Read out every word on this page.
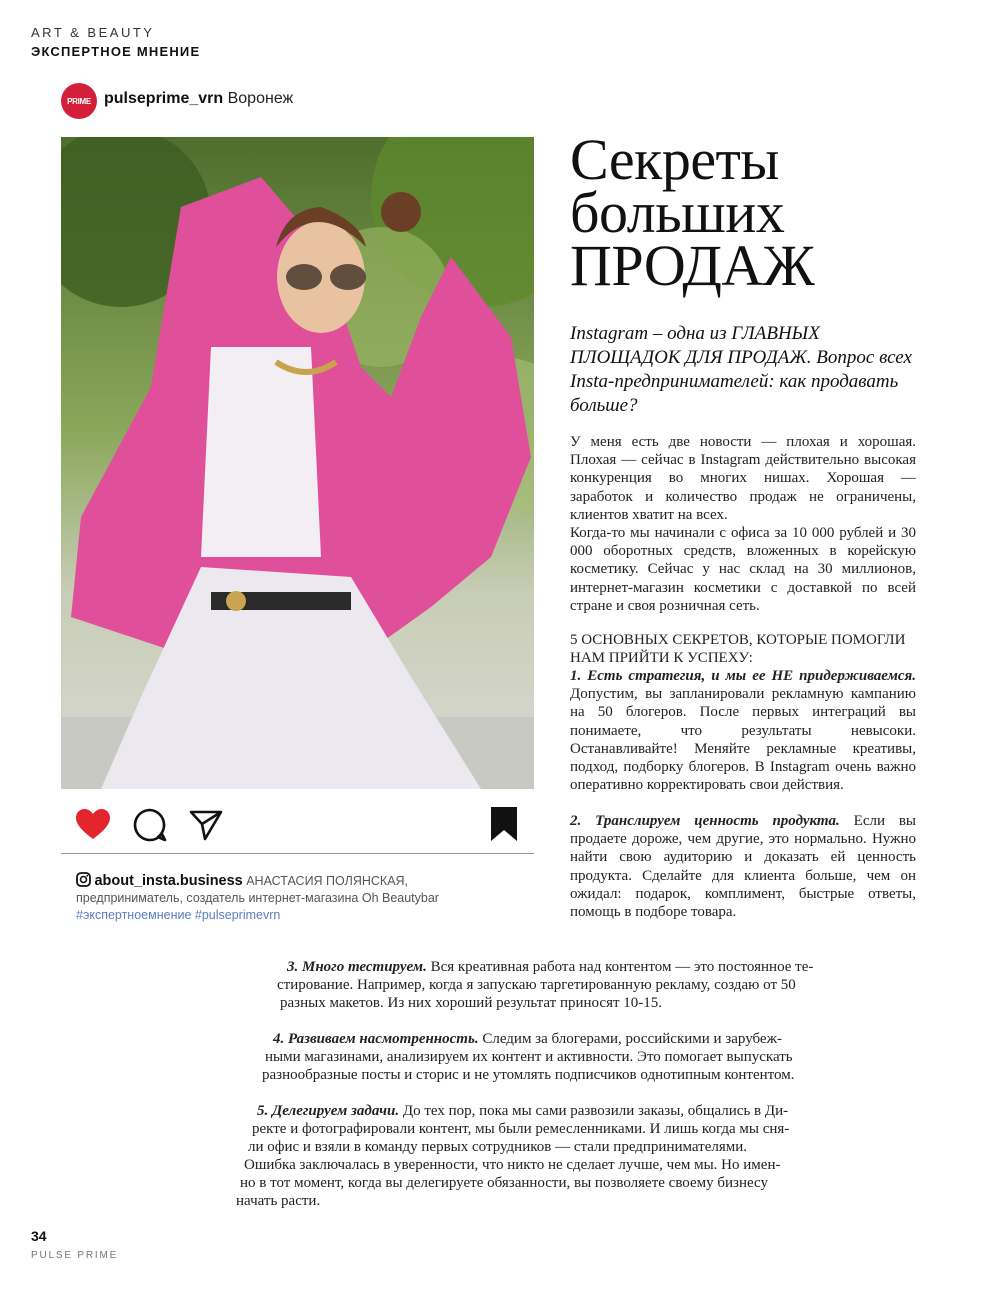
ART & BEAUTY
ЭКСПЕРТНОЕ МНЕНИЕ
PRIME pulseprime_vrn Воронеж
about_insta.business АНАСТАСИЯ ПОЛЯНСКАЯ,
предприниматель, создатель интернет-магазина Oh Beautybar
#экспертноемнение #pulseprimevrn
Секреты
больших
ПРОДАЖ
Instagram – одна из ГЛАВНЫХ ПЛОЩАДОК ДЛЯ ПРОДАЖ. Вопрос всех Insta-предпринимателей: как продавать больше?

У меня есть две новости — плохая и хорошая. Плохая — сейчас в Instagram действительно высокая конкуренция во многих нишах. Хорошая — заработок и количество продаж не ограничены, клиентов хватит на всех.

Когда-то мы начинали с офиса за 10 000 рублей и 30 000 оборотных средств, вложенных в корейскую косметику. Сейчас у нас склад на 30 миллионов, интернет-магазин косметики с доставкой по всей стране и своя розничная сеть.

5 ОСНОВНЫХ СЕКРЕТОВ, КОТОРЫЕ ПОМОГЛИ НАМ ПРИЙТИ К УСПЕХУ:

1. Есть стратегия, и мы ее НЕ придерживаемся. Допустим, вы запланировали рекламную кампанию на 50 блогеров. После первых интеграций вы понимаете, что результаты невысоки. Останавливайте! Меняйте рекламные креативы, подход, подборку блогеров. В Instagram очень важно оперативно корректировать свои действия.

2. Транслируем ценность продукта. Если вы продаете дороже, чем другие, это нормально. Нужно найти свою аудиторию и доказать ей ценность продукта. Сделайте для клиента больше, чем он ожидал: подарок, комплимент, быстрые ответы, помощь в подборе товара.

3. Много тестируем. Вся креативная работа над контентом — это постоянное те-
стирование. Например, когда я запускаю таргетированную рекламу, создаю от 50
разных макетов. Из них хороший результат приносят 10-15.
4. Развиваем насмотренность. Следим за блогерами, российскими и зарубеж-
ными магазинами, анализируем их контент и активности. Это помогает выпускать
разнообразные посты и сторис и не утомлять подписчиков однотипным контентом.
5. Делегируем задачи. До тех пор, пока мы сами развозили заказы, общались в Ди-
ректе и фотографировали контент, мы были ремесленниками. И лишь когда мы сня-
ли офис и взяли в команду первых сотрудников — стали предпринимателями.
Ошибка заключалась в уверенности, что никто не сделает лучше, чем мы. Но имен-
но в тот момент, когда вы делегируете обязанности, вы позволяете своему бизнесу
начать расти.
34
PULSE PRIME
